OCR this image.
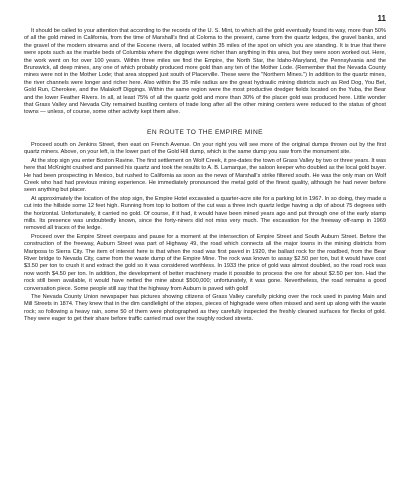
11

It should be called to your attention that according to the records of the U. S. Mint, to which all the gold eventually found its way, more than 50% of all the gold mined in California, from the time of Marshall's find at Coloma to the present, came from the quartz ledges, the gravel banks, and the gravel of the modern streams and of the Eocene rivers, all located within 35 miles of the spot on which you are standing. It is true that there were spots such as the marble beds of Columbia where the diggings were richer than anything in this area, but they were soon worked out. Here, the work went on for over 100 years. Within three miles we find the Empire, the North Star, the Idaho-Maryland, the Pennsylvania and the Brunswick, all deep mines, any one of which probably produced more gold than any ten of the Mother Lode. (Remember that the Nevada County mines were not in the Mother Lode; that area stopped just south of Placerville. These were the "Northern Mines.") In addition to the quartz mines, the river channels were longer and richer here. Also within the 35 mile radius are the great hydraulic mining districts such as Red Dog, You Bet, Gold Run, Cherokee, and the Malakoff Diggings. Within the same region were the most productive dredger fields located on the Yuba, the Bear and the lower Feather Rivers. In all, at least 75% of all the quartz gold and more than 30% of the placer gold was produced here. Little wonder that Grass Valley and Nevada City remained bustling centers of trade long after all the other mining centers were reduced to the status of ghost towns — unless, of course, some other activity kept them alive.

EN ROUTE TO THE EMPIRE MINE

Proceed south on Jenkins Street, then east on French Avenue. On your right you will see more of the original dumps thrown out by the first quartz miners. Above, on your left, is the lower part of the Gold Hill dump, which is the same dump you saw from the monument site.

At the stop sign you enter Boston Ravine. The first settlement on Wolf Creek, it pre-dates the town of Grass Valley by two or three years. It was here that McKnight crushed and panned his quartz and took the results to A. B. Lamarque, the saloon keeper who doubled as the local gold buyer. He had been prospecting in Mexico, but rushed to California as soon as the news of Marshall's strike filtered south. He was the only man on Wolf Creek who had had previous mining experience. He immediately pronounced the metal gold of the finest quality, although he had never before seen anything but placer.

At approximately the location of the stop sign, the Empire Hotel excavated a quarter-acre site for a parking lot in 1967. In so doing, they made a cut into the hillside some 12 feet high. Running from top to bottom of the cut was a three inch quartz ledge having a dip of about 75 degrees with the horizontal. Unfortunately, it carried no gold. Of course, if it had, it would have been mined years ago and put through one of the early stamp mills. Its presence was undoubtedly known, since the forty-niners did not miss very much. The excavation for the freeway off-ramp in 1969 removed all traces of the ledge.

Proceed over the Empire Street overpass and pause for a moment at the intersection of Empire Street and South Auburn Street. Before the construction of the freeway, Auburn Street was part of Highway 49, the road which connects all the major towns in the mining districts from Mariposa to Sierra City. The item of interest here is that when the road was first paved in 1920, the ballast rock for the roadbed, from the Bear River bridge to Nevada City, came from the waste dump of the Empire Mine. The rock was known to assay $2.50 per ton, but it would have cost $3.50 per ton to crush it and extract the gold so it was considered worthless. In 1933 the price of gold was almost doubled, so the road rock was now worth $4.50 per ton. In addition, the development of better machinery made it possible to process the ore for about $2.50 per ton. Had the rock still been available, it would have netted the mine about $500,000; unfortunately, it was gone. Nevertheless, the road remains a good conversation piece. Some people still say that the highway from Auburn is paved with gold!

The Nevada County Union newspaper has pictures showing citizens of Grass Valley carefully picking over the rock used in paving Main and Mill Streets in 1874. They knew that in the dim candlelight of the stopes, pieces of highgrade were often missed and sent up along with the waste rock; so following a heavy rain, some 50 of them were photographed as they carefully inspected the freshly cleaned surfaces for flecks of gold. They were eager to get their share before traffic carried mud over the roughly rocked streets.
